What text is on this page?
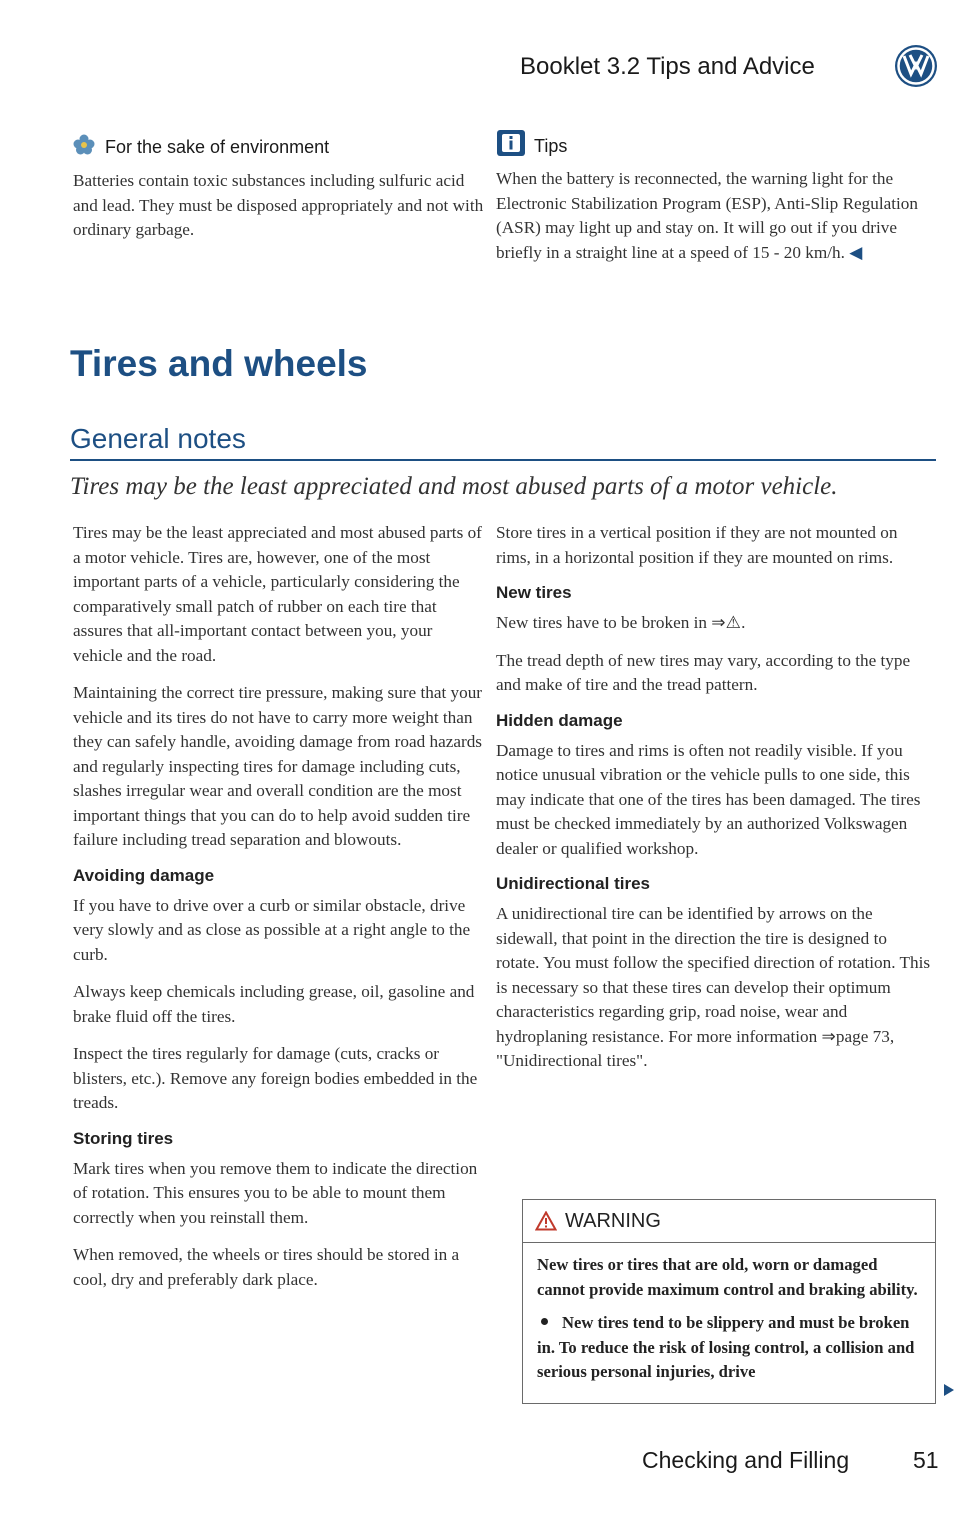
Booklet 3.2 Tips and Advice
For the sake of environment

Batteries contain toxic substances including sulfuric acid and lead. They must be disposed appropriately and not with ordinary garbage.

Tips

When the battery is reconnected, the warning light for the Electronic Stabilization Program (ESP), Anti-Slip Regulation (ASR) may light up and stay on. It will go out if you drive briefly in a straight line at a speed of 15 - 20 km/h. ◀

Tires and wheels
General notes
Tires may be the least appreciated and most abused parts of a motor vehicle.

Tires may be the least appreciated and most abused parts of a motor vehicle. Tires are, however, one of the most important parts of a vehicle, particularly considering the comparatively small patch of rubber on each tire that assures that all-important contact between you, your vehicle and the road.

Maintaining the correct tire pressure, making sure that your vehicle and its tires do not have to carry more weight than they can safely handle, avoiding damage from road hazards and regularly inspecting tires for damage including cuts, slashes irregular wear and overall condition are the most important things that you can do to help avoid sudden tire failure including tread separation and blowouts.

Avoiding damage

If you have to drive over a curb or similar obstacle, drive very slowly and as close as possible at a right angle to the curb.

Always keep chemicals including grease, oil, gasoline and brake fluid off the tires.

Inspect the tires regularly for damage (cuts, cracks or blisters, etc.). Remove any foreign bodies embedded in the treads.

Storing tires

Mark tires when you remove them to indicate the direction of rotation. This ensures you to be able to mount them correctly when you reinstall them.

When removed, the wheels or tires should be stored in a cool, dry and preferably dark place.

Store tires in a vertical position if they are not mounted on rims, in a horizontal position if they are mounted on rims.

New tires

New tires have to be broken in ⇒⚠.

The tread depth of new tires may vary, according to the type and make of tire and the tread pattern.

Hidden damage

Damage to tires and rims is often not readily visible. If you notice unusual vibration or the vehicle pulls to one side, this may indicate that one of the tires has been damaged. The tires must be checked immediately by an authorized Volkswagen dealer or qualified workshop.

Unidirectional tires

A unidirectional tire can be identified by arrows on the sidewall, that point in the direction the tire is designed to rotate. You must follow the specified direction of rotation. This is necessary so that these tires can develop their optimum characteristics regarding grip, road noise, wear and hydroplaning resistance. For more information ⇒page 73, "Unidirectional tires".

WARNING

New tires or tires that are old, worn or damaged cannot provide maximum control and braking ability.

New tires tend to be slippery and must be broken in. To reduce the risk of losing control, a collision and serious personal injuries, drive

Checking and Filling	51
